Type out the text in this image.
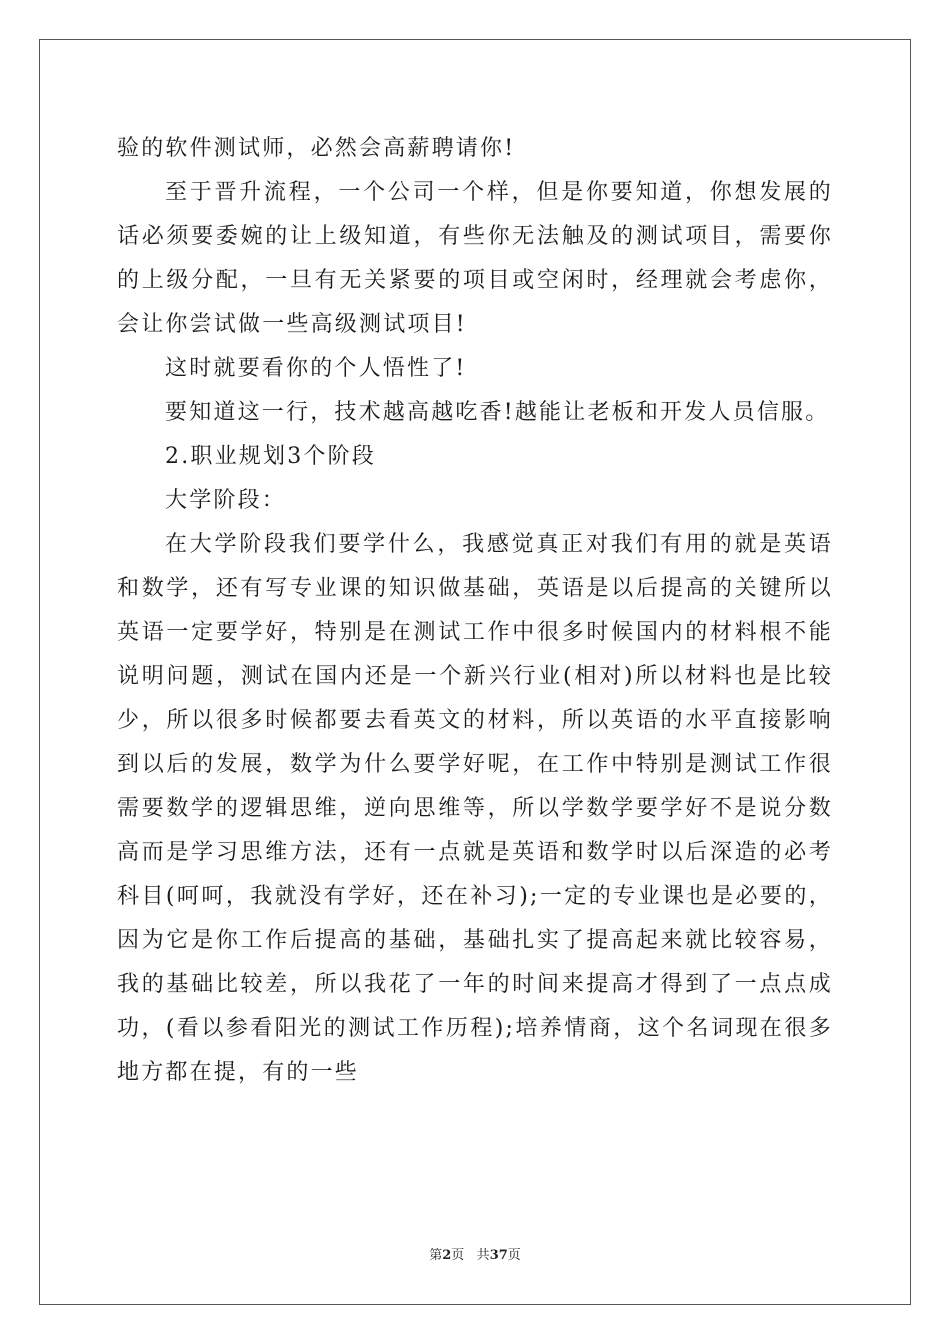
验的软件测试师，必然会高薪聘请你!

至于晋升流程，一个公司一个样，但是你要知道，你想发展的话必须要委婉的让上级知道，有些你无法触及的测试项目，需要你的上级分配，一旦有无关紧要的项目或空闲时，经理就会考虑你，会让你尝试做一些高级测试项目!

这时就要看你的个人悟性了!

要知道这一行，技术越高越吃香!越能让老板和开发人员信服。

2.职业规划3个阶段

大学阶段：

在大学阶段我们要学什么，我感觉真正对我们有用的就是英语和数学，还有写专业课的知识做基础，英语是以后提高的关键所以英语一定要学好，特别是在测试工作中很多时候国内的材料根不能说明问题，测试在国内还是一个新兴行业(相对)所以材料也是比较少，所以很多时候都要去看英文的材料，所以英语的水平直接影响到以后的发展，数学为什么要学好呢，在工作中特别是测试工作很需要数学的逻辑思维，逆向思维等，所以学数学要学好不是说分数高而是学习思维方法，还有一点就是英语和数学时以后深造的必考科目(呵呵，我就没有学好，还在补习);一定的专业课也是必要的，因为它是你工作后提高的基础，基础扎实了提高起来就比较容易，我的基础比较差，所以我花了一年的时间来提高才得到了一点点成功，(看以参看阳光的测试工作历程);培养情商，这个名词现在很多地方都在提，有的一些

第2页 共37页
